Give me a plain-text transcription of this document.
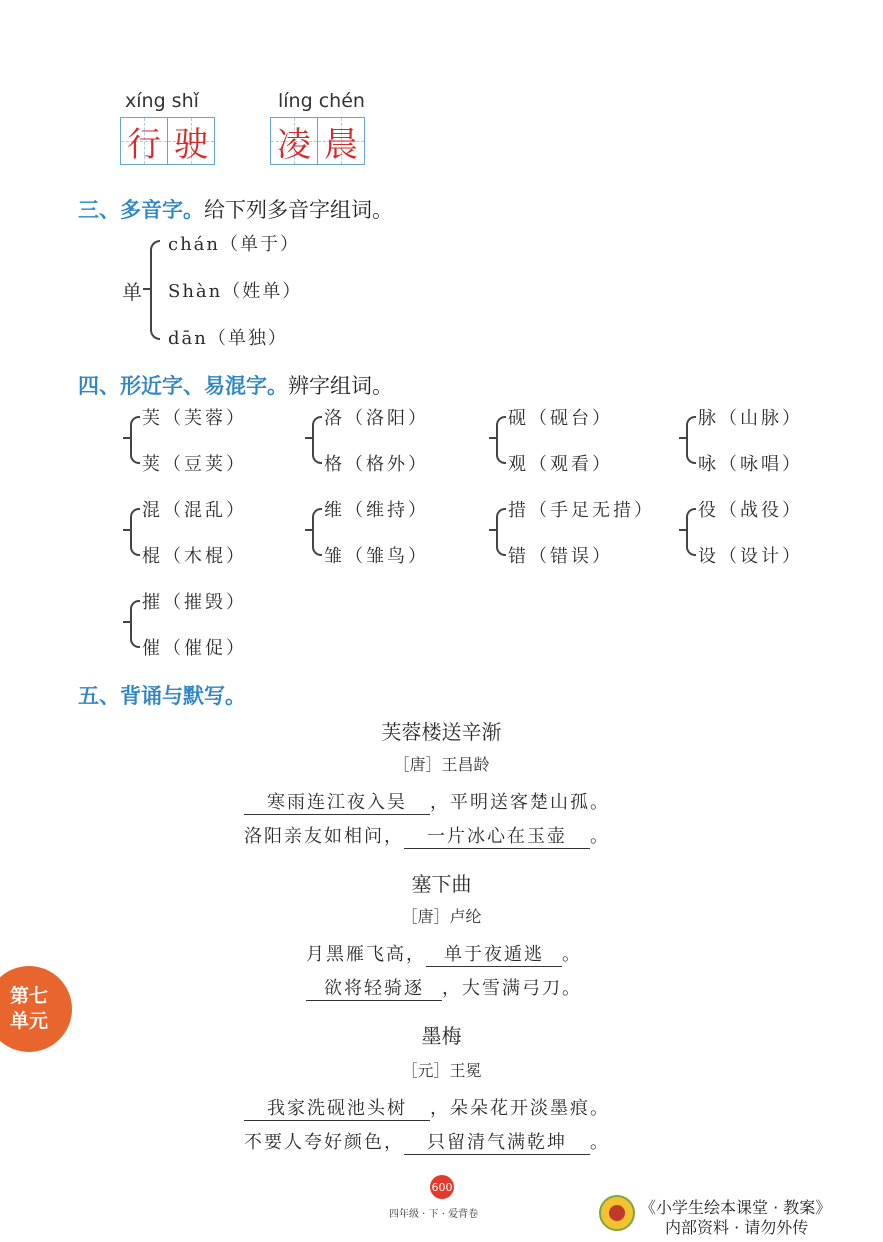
xíng shǐ
行 驶
líng chén
凌 晨
三、多音字。给下列多音字组词。
单
chán（单于）
Shàn（姓单）
dān（单独）
四、形近字、易混字。辨字组词。
芙（芙蓉）
荚（豆荚）
洛（洛阳）
格（格外）
砚（砚台）
观（观看）
脉（山脉）
咏（咏唱）
混（混乱）
棍（木棍）
维（维持）
雏（雏鸟）
措（手足无措）
错（错误）
役（战役）
设（设计）
摧（摧毁）
催（催促）
五、背诵与默写。
芙蓉楼送辛渐
［唐］王昌龄
寒雨连江夜入吴 ，平明送客楚山孤。
洛阳亲友如相问， 一片冰心在玉壶 。
塞下曲
［唐］卢纶
月黑雁飞高， 单于夜遁逃 。
欲将轻骑逐 ，大雪满弓刀。
墨梅
［元］王冕
我家洗砚池头树 ，朵朵花开淡墨痕。
不要人夸好颜色， 只留清气满乾坤 。
第七
单元
600
四年级 · 下 · 爱背卷	《小学生绘本课堂 · 教案》
内部资料 · 请勿外传
